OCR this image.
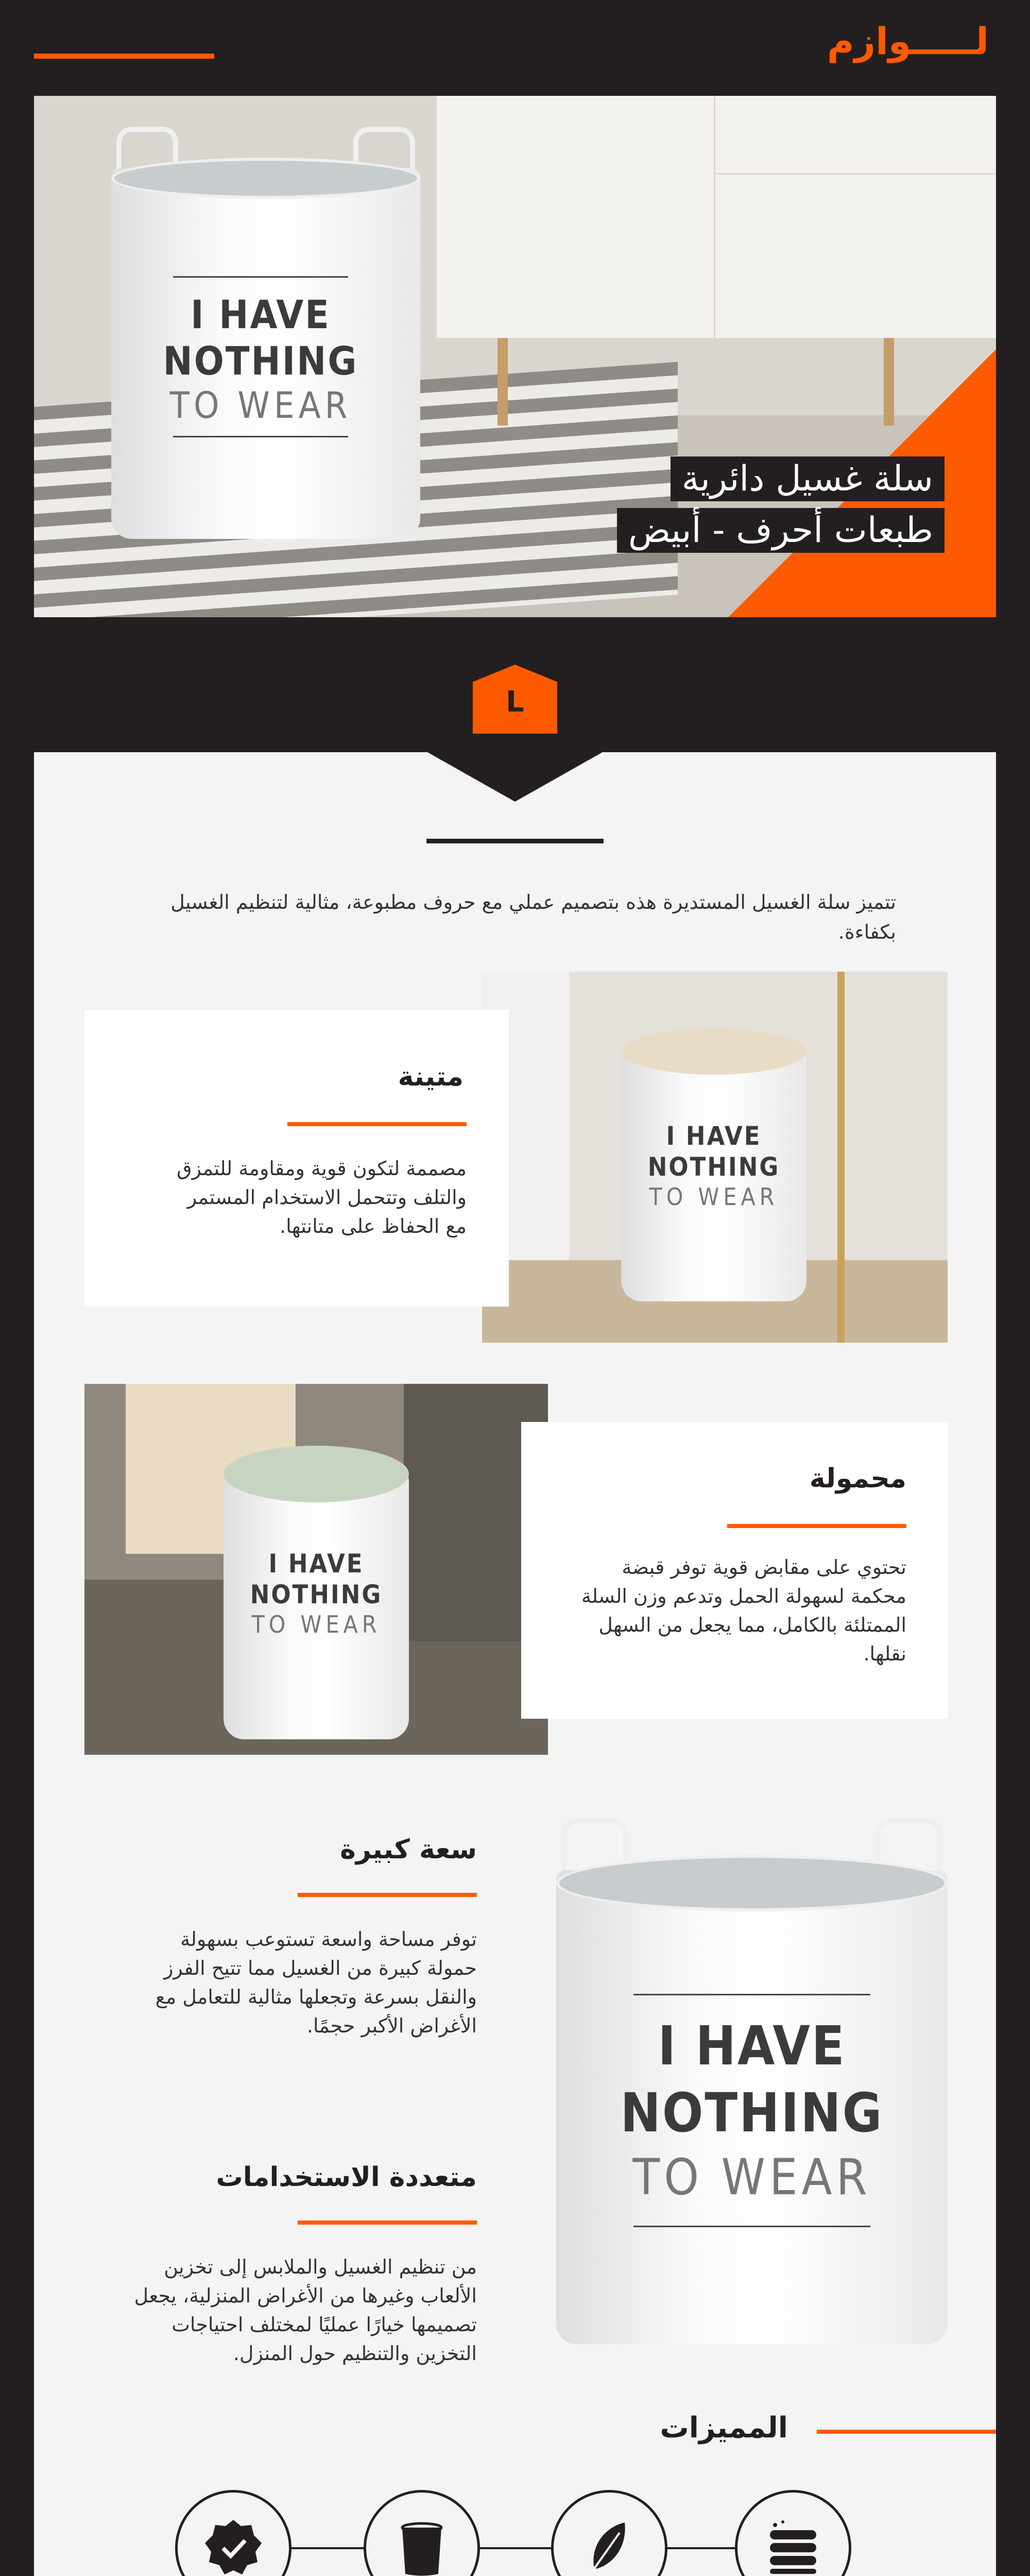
لـــــوازم
I HAVE
NOTHING
TO WEAR
سلة غسيل دائرية
طبعات أحرف - أبيض
L
تتميز سلة الغسيل المستديرة هذه بتصميم عملي مع حروف مطبوعة، مثالية لتنظيم الغسيل بكفاءة.
I HAVE
NOTHING
TO WEAR
متينة
مصممة لتكون قوية ومقاومة للتمزق والتلف وتتحمل الاستخدام المستمر مع الحفاظ على متانتها.
I HAVE
NOTHING
TO WEAR
محمولة
تحتوي على مقابض قوية توفر قبضة محكمة لسهولة الحمل وتدعم وزن السلة الممتلئة بالكامل، مما يجعل من السهل نقلها.
I HAVE
NOTHING
TO WEAR
سعة كبيرة
توفر مساحة واسعة تستوعب بسهولة حمولة كبيرة من الغسيل مما تتيح الفرز والنقل بسرعة وتجعلها مثالية للتعامل مع الأغراض الأكبر حجمًا.
متعددة الاستخدامات
من تنظيم الغسيل والملابس إلى تخزين الألعاب وغيرها من الأغراض المنزلية، يجعل تصميمها خيارًا عمليًا لمختلف احتياجات التخزين والتنظيم حول المنزل.
المميزات
